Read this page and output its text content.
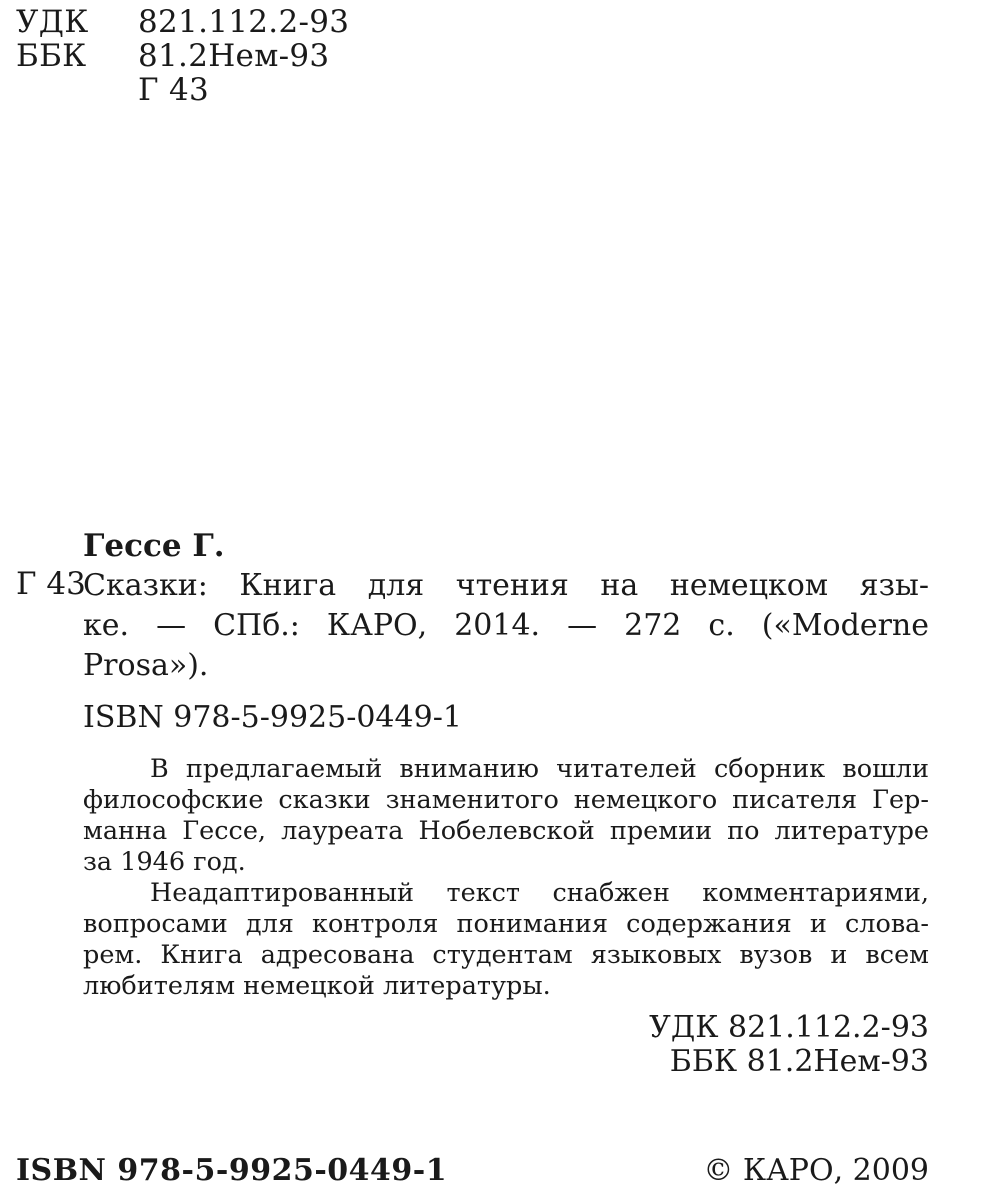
УДК 821.112.2-93
ББК 81.2Нем-93
Г 43
Гессе Г.
Г 43
Сказки: Книга для чтения на немецком язы-
ке. — СПб.: КАРО, 2014. — 272 с. («Moderne
Prosa»).
ISBN 978-5-9925-0449-1
В предлагаемый вниманию читателей сборник вошли
философские сказки знаменитого немецкого писателя Гер-
манна Гессе, лауреата Нобелевской премии по литературе
за 1946 год.
Неадаптированный текст снабжен комментариями,
вопросами для контроля понимания содержания и слова-
рем. Книга адресована студентам языковых вузов и всем
любителям немецкой литературы.
УДК 821.112.2-93
ББК 81.2Нем-93
ISBN 978-5-9925-0449-1	© КАРО, 2009
